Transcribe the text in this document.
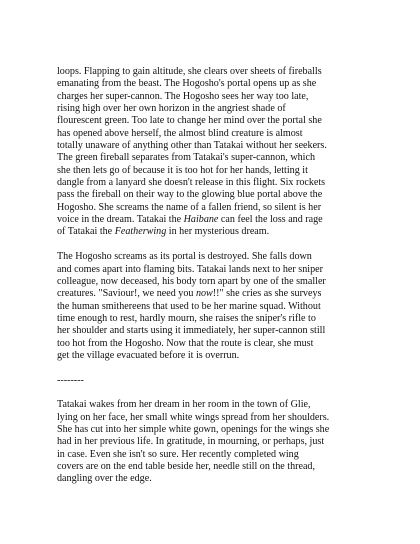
loops. Flapping to gain altitude, she clears over sheets of fireballs
emanating from the beast. The Hogosho's portal opens up as she
charges her super-cannon. The Hogosho sees her way too late,
rising high over her own horizon in the angriest shade of
flourescent green. Too late to change her mind over the portal she
has opened above herself, the almost blind creature is almost
totally unaware of anything other than Tatakai without her seekers.
The green fireball separates from Tatakai's super-cannon, which
she then lets go of because it is too hot for her hands, letting it
dangle from a lanyard she doesn't release in this flight. Six rockets
pass the fireball on their way to the glowing blue portal above the
Hogosho. She screams the name of a fallen friend, so silent is her
voice in the dream. Tatakai the Haibane can feel the loss and rage
of Tatakai the Featherwing in her mysterious dream.

The Hogosho screams as its portal is destroyed. She falls down
and comes apart into flaming bits. Tatakai lands next to her sniper
colleague, now deceased, his body torn apart by one of the smaller
creatures. "Saviour!, we need you now!!" she cries as she surveys
the human smithereens that used to be her marine squad. Without
time enough to rest, hardly mourn, she raises the sniper's rifle to
her shoulder and starts using it immediately, her super-cannon still
too hot from the Hogosho. Now that the route is clear, she must
get the village evacuated before it is overrun.

--------

Tatakai wakes from her dream in her room in the town of Glie,
lying on her face, her small white wings spread from her shoulders.
She has cut into her simple white gown, openings for the wings she
had in her previous life. In gratitude, in mourning, or perhaps, just
in case. Even she isn't so sure. Her recently completed wing
covers are on the end table beside her, needle still on the thread,
dangling over the edge.
